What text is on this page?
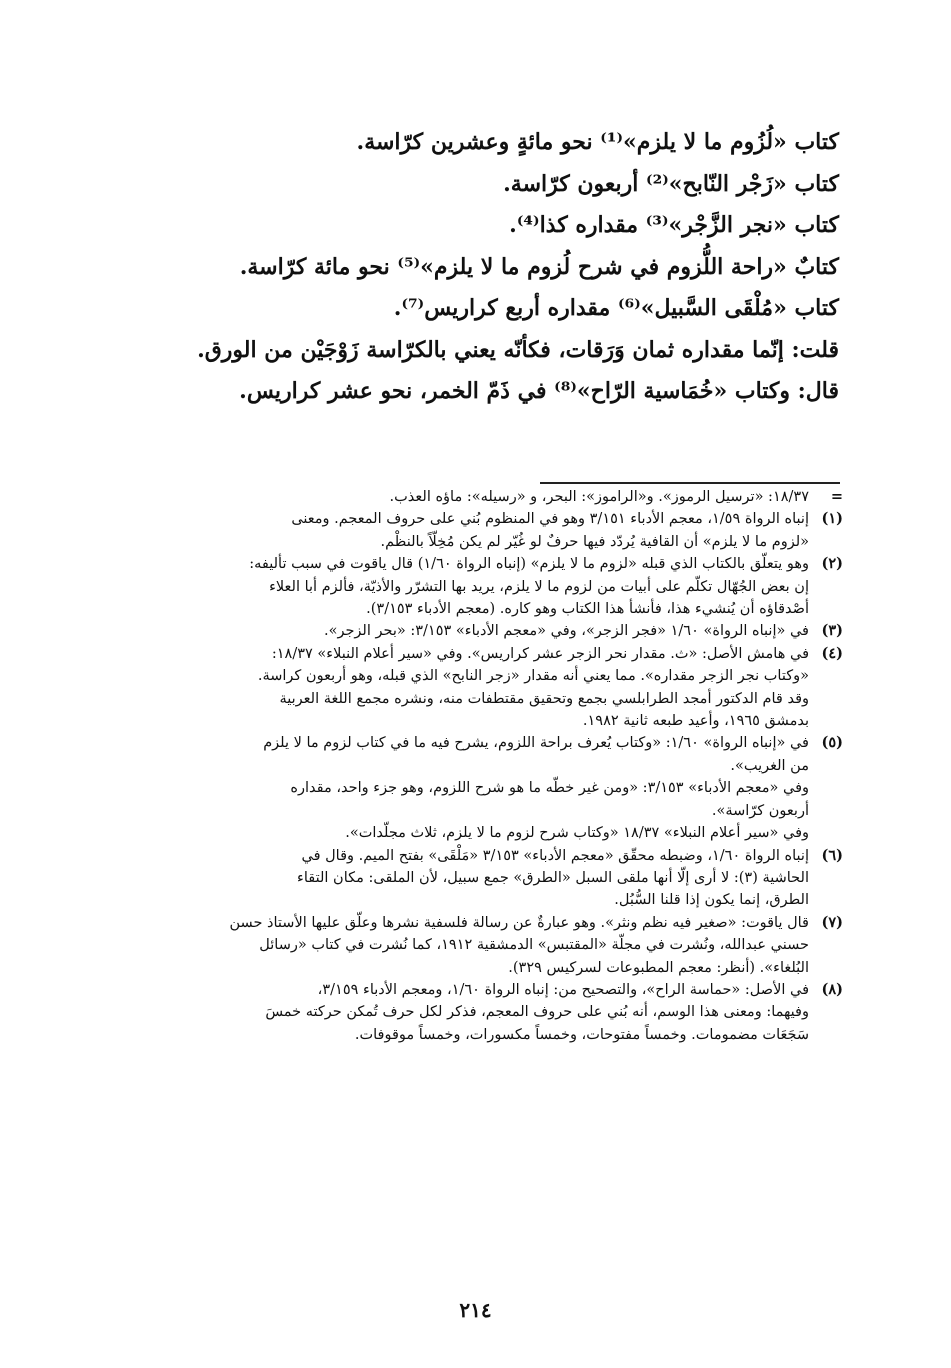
كتاب «لُزُوم ما لا يلزم»⁽¹⁾ نحو مائةٍ وعشرين كرّاسة.
كتاب «زَجْر النّابح»⁽²⁾ أربعون كرّاسة.
كتاب «نجر الزَّجْر»⁽³⁾ مقداره كذا⁽⁴⁾.
كتابٌ «راحة اللُّزوم في شرح لُزوم ما لا يلزم»⁽⁵⁾ نحو مائة كرّاسة.
كتاب «مُلْقَى السَّبيل»⁽⁶⁾ مقداره أربع كراريس⁽⁷⁾.
قلت: إنّما مقداره ثمان وَرَقات، فكأنّه يعني بالكرّاسة زَوْجَيْن من الورق.
قال: وكتاب «خُمَاسية الرّاح»⁽⁸⁾ في ذَمّ الخمر، نحو عشر كراريس.
=
١٨/٣٧: «ترسيل الرموز». و«الراموز»: البحر، و «رسيله»: ماؤه العذب.
(١)
إنباه الرواة ١/٥٩، معجم الأدباء ٣/١٥١ وهو في المنظوم بُني على حروف المعجم. ومعنى
«لزوم ما لا يلزم» أن القافية يُردّد فيها حرفٌ لو غُيّر لم يكن مُخِلّاً بالنظْم.
(٢)
وهو يتعلّق بالكتاب الذي قبله «لزوم ما لا يلزم» (إنباه الرواة ١/٦٠) قال ياقوت في سبب تأليفه:
إن بعض الجُهّال تكلّم على أبيات من لزوم ما لا يلزم، يريد بها التشرّر والأذيّة، فألزم أبا العلاء
أصْدقاؤه أن يُنشيء هذا، فأنشأ هذا الكتاب وهو كاره. (معجم الأدباء ٣/١٥٣).
(٣)
في «إنباه الرواة» ١/٦٠ «فجر الزجر»، وفي «معجم الأدباء» ٣/١٥٣: «بحر الزجر».
(٤)
في هامش الأصل: «ث. مقدار نحر الزجر عشر كراريس». وفي «سير أعلام النبلاء» ١٨/٣٧:
«وكتاب نجر الزجر مقداره». مما يعني أنه مقدار «زجر النابح» الذي قبله، وهو أربعون كراسة.
وقد قام الدكتور أمجد الطرابلسي بجمع وتحقيق مقتطفات منه، ونشره مجمع اللغة العربية
بدمشق ١٩٦٥، وأعيد طبعه ثانية ١٩٨٢.
(٥)
في «إنباه الرواة» ١/٦٠: «وكتاب يُعرف براحة اللزوم، يشرح فيه ما في كتاب لزوم ما لا يلزم
من الغريب».
وفي «معجم الأدباء» ٣/١٥٣: «ومن غير خطّه ما هو شرح اللزوم، وهو جزء واحد، مقداره
أربعون كرّاسة».
وفي «سير أعلام النبلاء» ١٨/٣٧ «وكتاب شرح لزوم ما لا يلزم، ثلاث مجلّدات».
(٦)
إنباه الرواة ١/٦٠، وضبطه محقّق «معجم الأدباء» ٣/١٥٣ «مَلْقَى» بفتح الميم. وقال في
الحاشية (٣): لا أرى إلّا أنها ملقى السبل «الطرق» جمع سبيل، لأن الملقى: مكان التقاء
الطرق، إنما يكون إذا قلنا السُّبُل.
(٧)
قال ياقوت: «صغير فيه نظم ونثر». وهو عبارةٌ عن رسالة فلسفية نشرها وعلّق عليها الأستاذ حسن
حسني عبدالله، ونُشرت في مجلّة «المقتبس» الدمشقية ١٩١٢، كما نُشرت في كتاب «رسائل
البُلغاء». (أنظر: معجم المطبوعات لسركيس ٣٢٩).
(٨)
في الأصل: «حماسة الراح»، والتصحيح من: إنباه الرواة ١/٦٠، ومعجم الأدباء ٣/١٥٩،
وفيهما: ومعنى هذا الوسم، أنه بُني على حروف المعجم، فذكر لكل حرف تُمكن حركته خمسَ
سَجَعَات مضمومات. وخمساً مفتوحات، وخمساً مكسورات، وخمساً موقوفات.
٢١٤
